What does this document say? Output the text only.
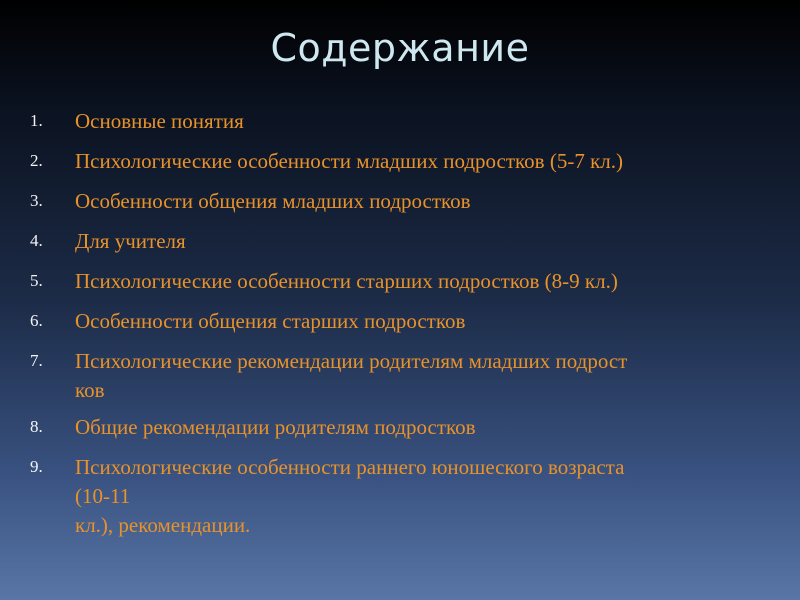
Содержание
1.	Основные понятия
2.	Психологические особенности младших подростков (5-7 кл.)
3.	Особенности общения младших подростков
4.	Для учителя
5.	Психологические особенности старших подростков (8-9 кл.)
6.	Особенности общения старших подростков
7.	Психологические рекомендации родителям младших подрост
ков
8.	Общие рекомендации родителям подростков
9.	Психологические особенности раннего юношеского возраста
(10-11
кл.), рекомендации.
